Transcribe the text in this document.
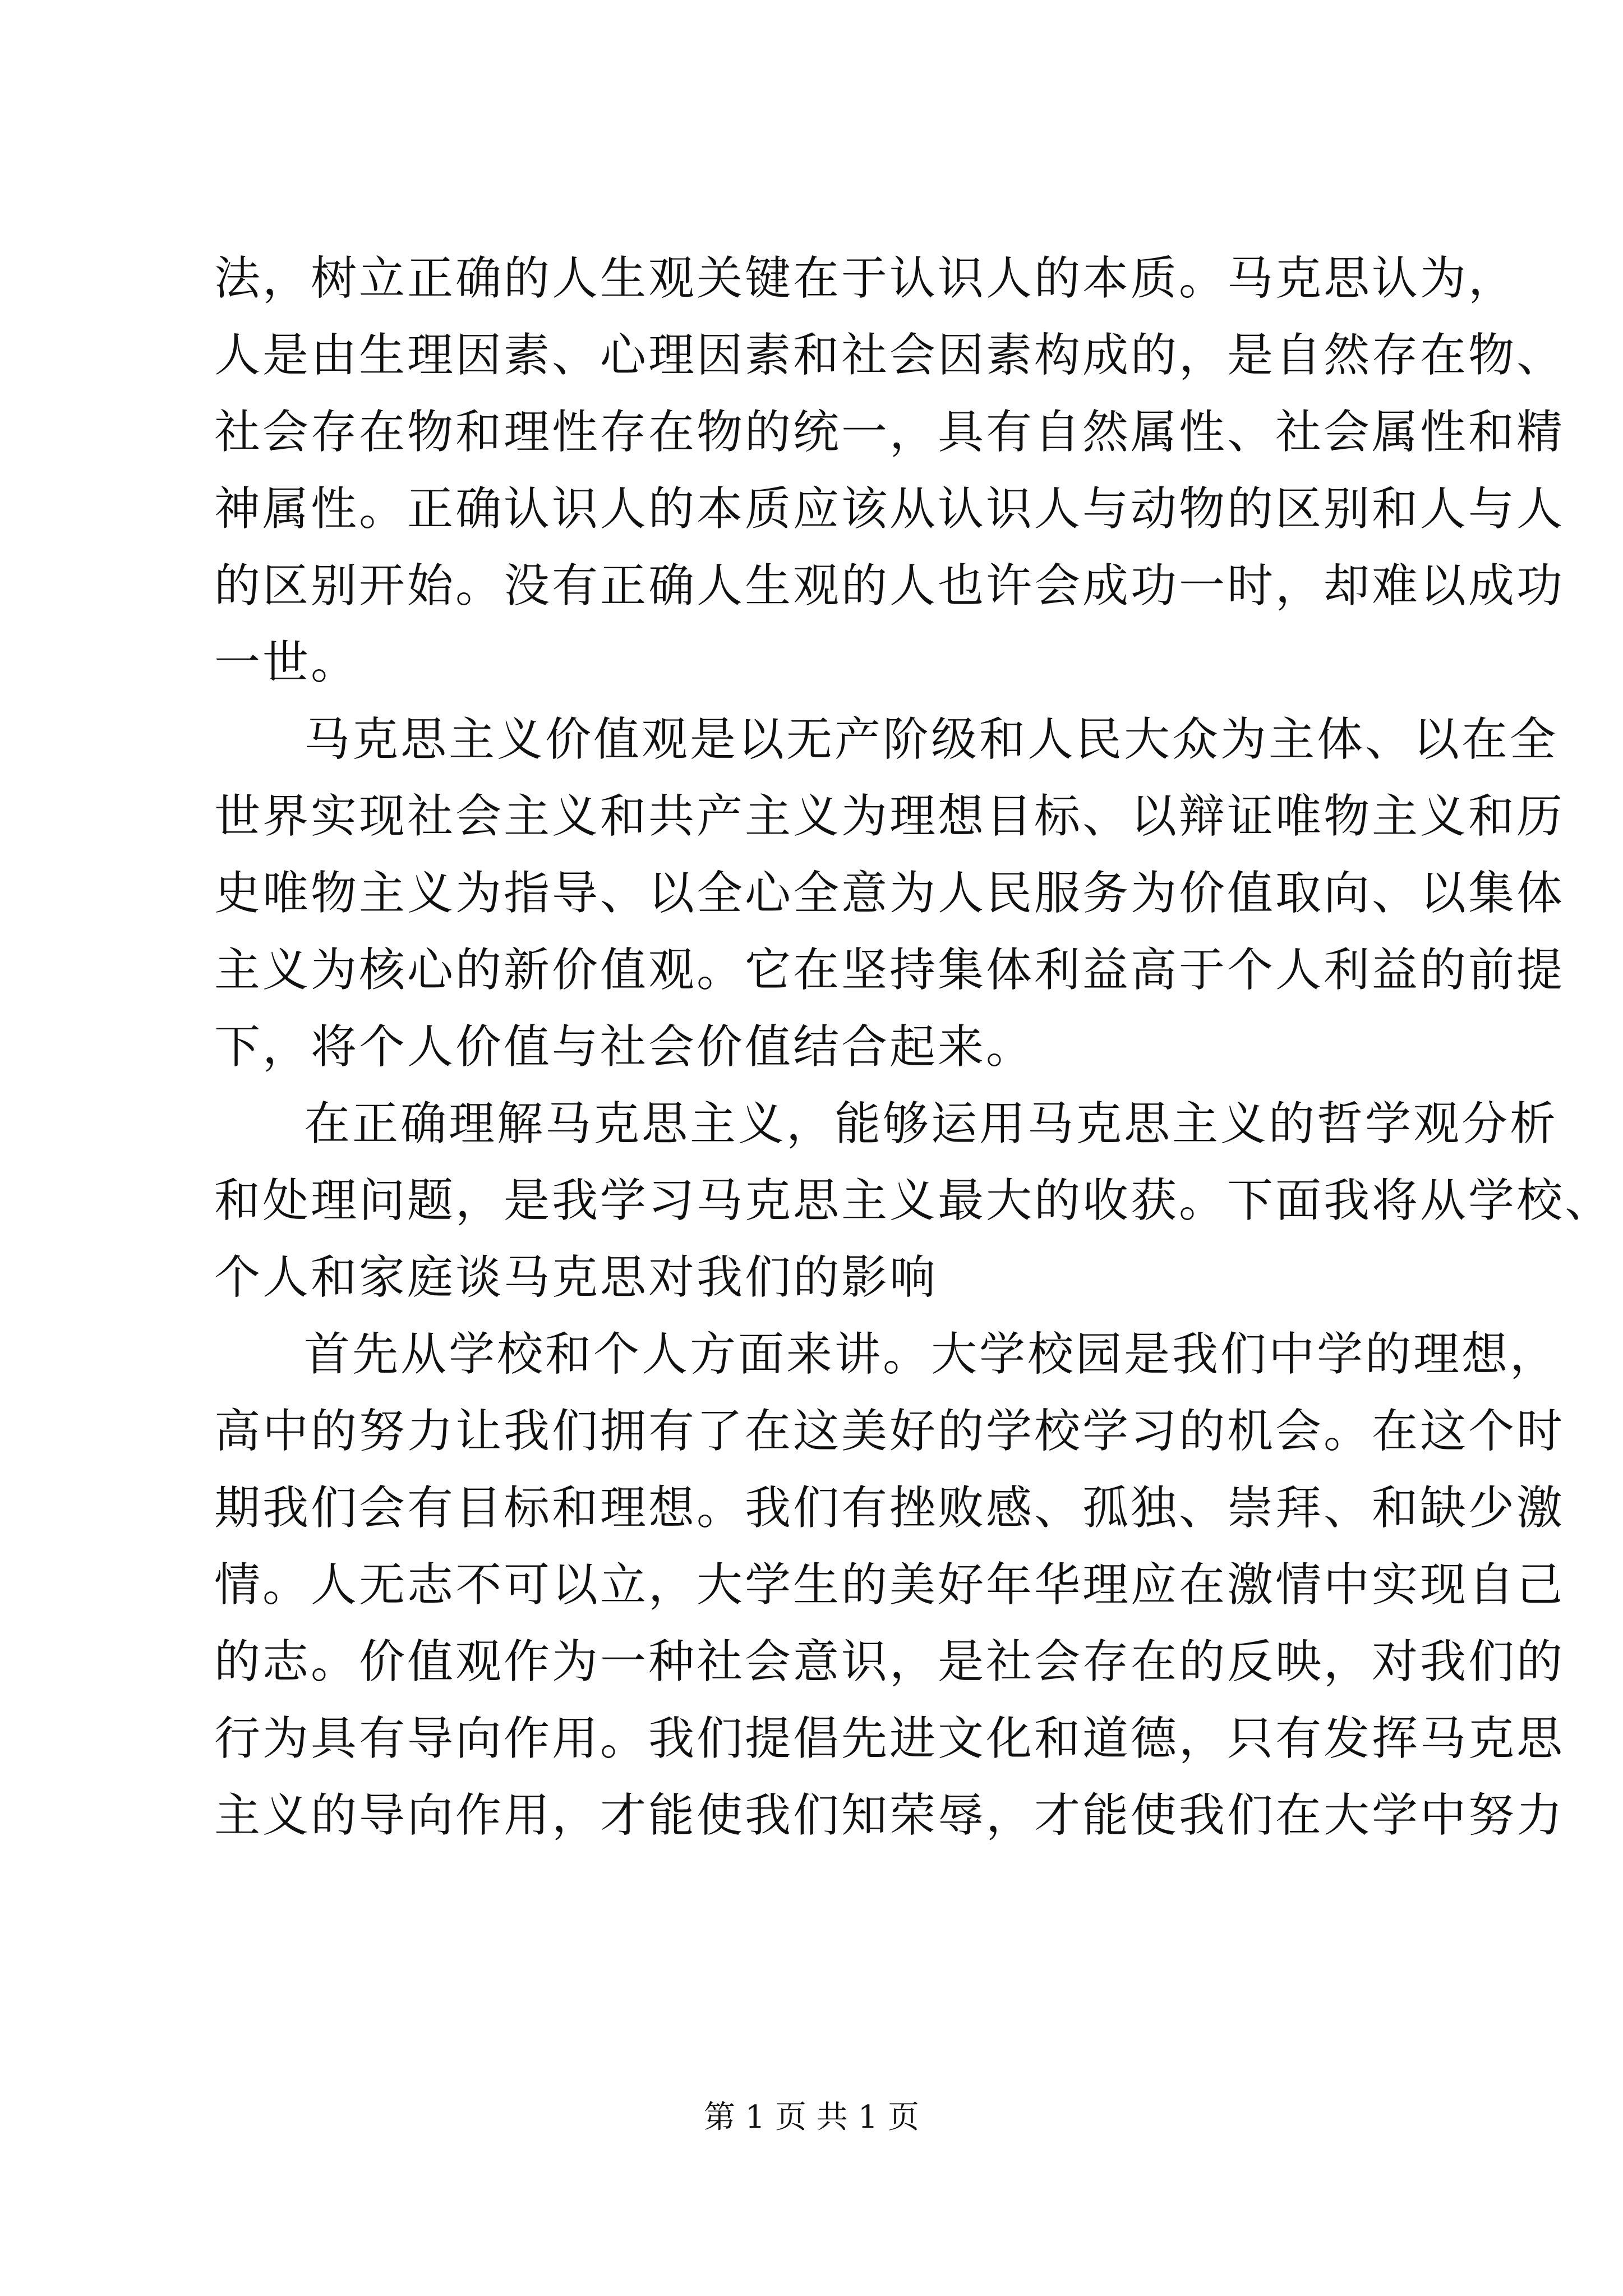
法，树立正确的人生观关键在于认识人的本质。马克思认为，
人是由生理因素、心理因素和社会因素构成的，是自然存在物、
社会存在物和理性存在物的统一，具有自然属性、社会属性和精
神属性。正确认识人的本质应该从认识人与动物的区别和人与人
的区别开始。没有正确人生观的人也许会成功一时，却难以成功
一世。
马克思主义价值观是以无产阶级和人民大众为主体、以在全
世界实现社会主义和共产主义为理想目标、以辩证唯物主义和历
史唯物主义为指导、以全心全意为人民服务为价值取向、以集体
主义为核心的新价值观。它在坚持集体利益高于个人利益的前提
下，将个人价值与社会价值结合起来。
在正确理解马克思主义，能够运用马克思主义的哲学观分析
和处理问题，是我学习马克思主义最大的收获。下面我将从学校、
个人和家庭谈马克思对我们的影响
首先从学校和个人方面来讲。大学校园是我们中学的理想，
高中的努力让我们拥有了在这美好的学校学习的机会。在这个时
期我们会有目标和理想。我们有挫败感、孤独、崇拜、和缺少激
情。人无志不可以立，大学生的美好年华理应在激情中实现自己
的志。价值观作为一种社会意识，是社会存在的反映，对我们的
行为具有导向作用。我们提倡先进文化和道德，只有发挥马克思
主义的导向作用，才能使我们知荣辱，才能使我们在大学中努力
第 1 页 共 1 页
